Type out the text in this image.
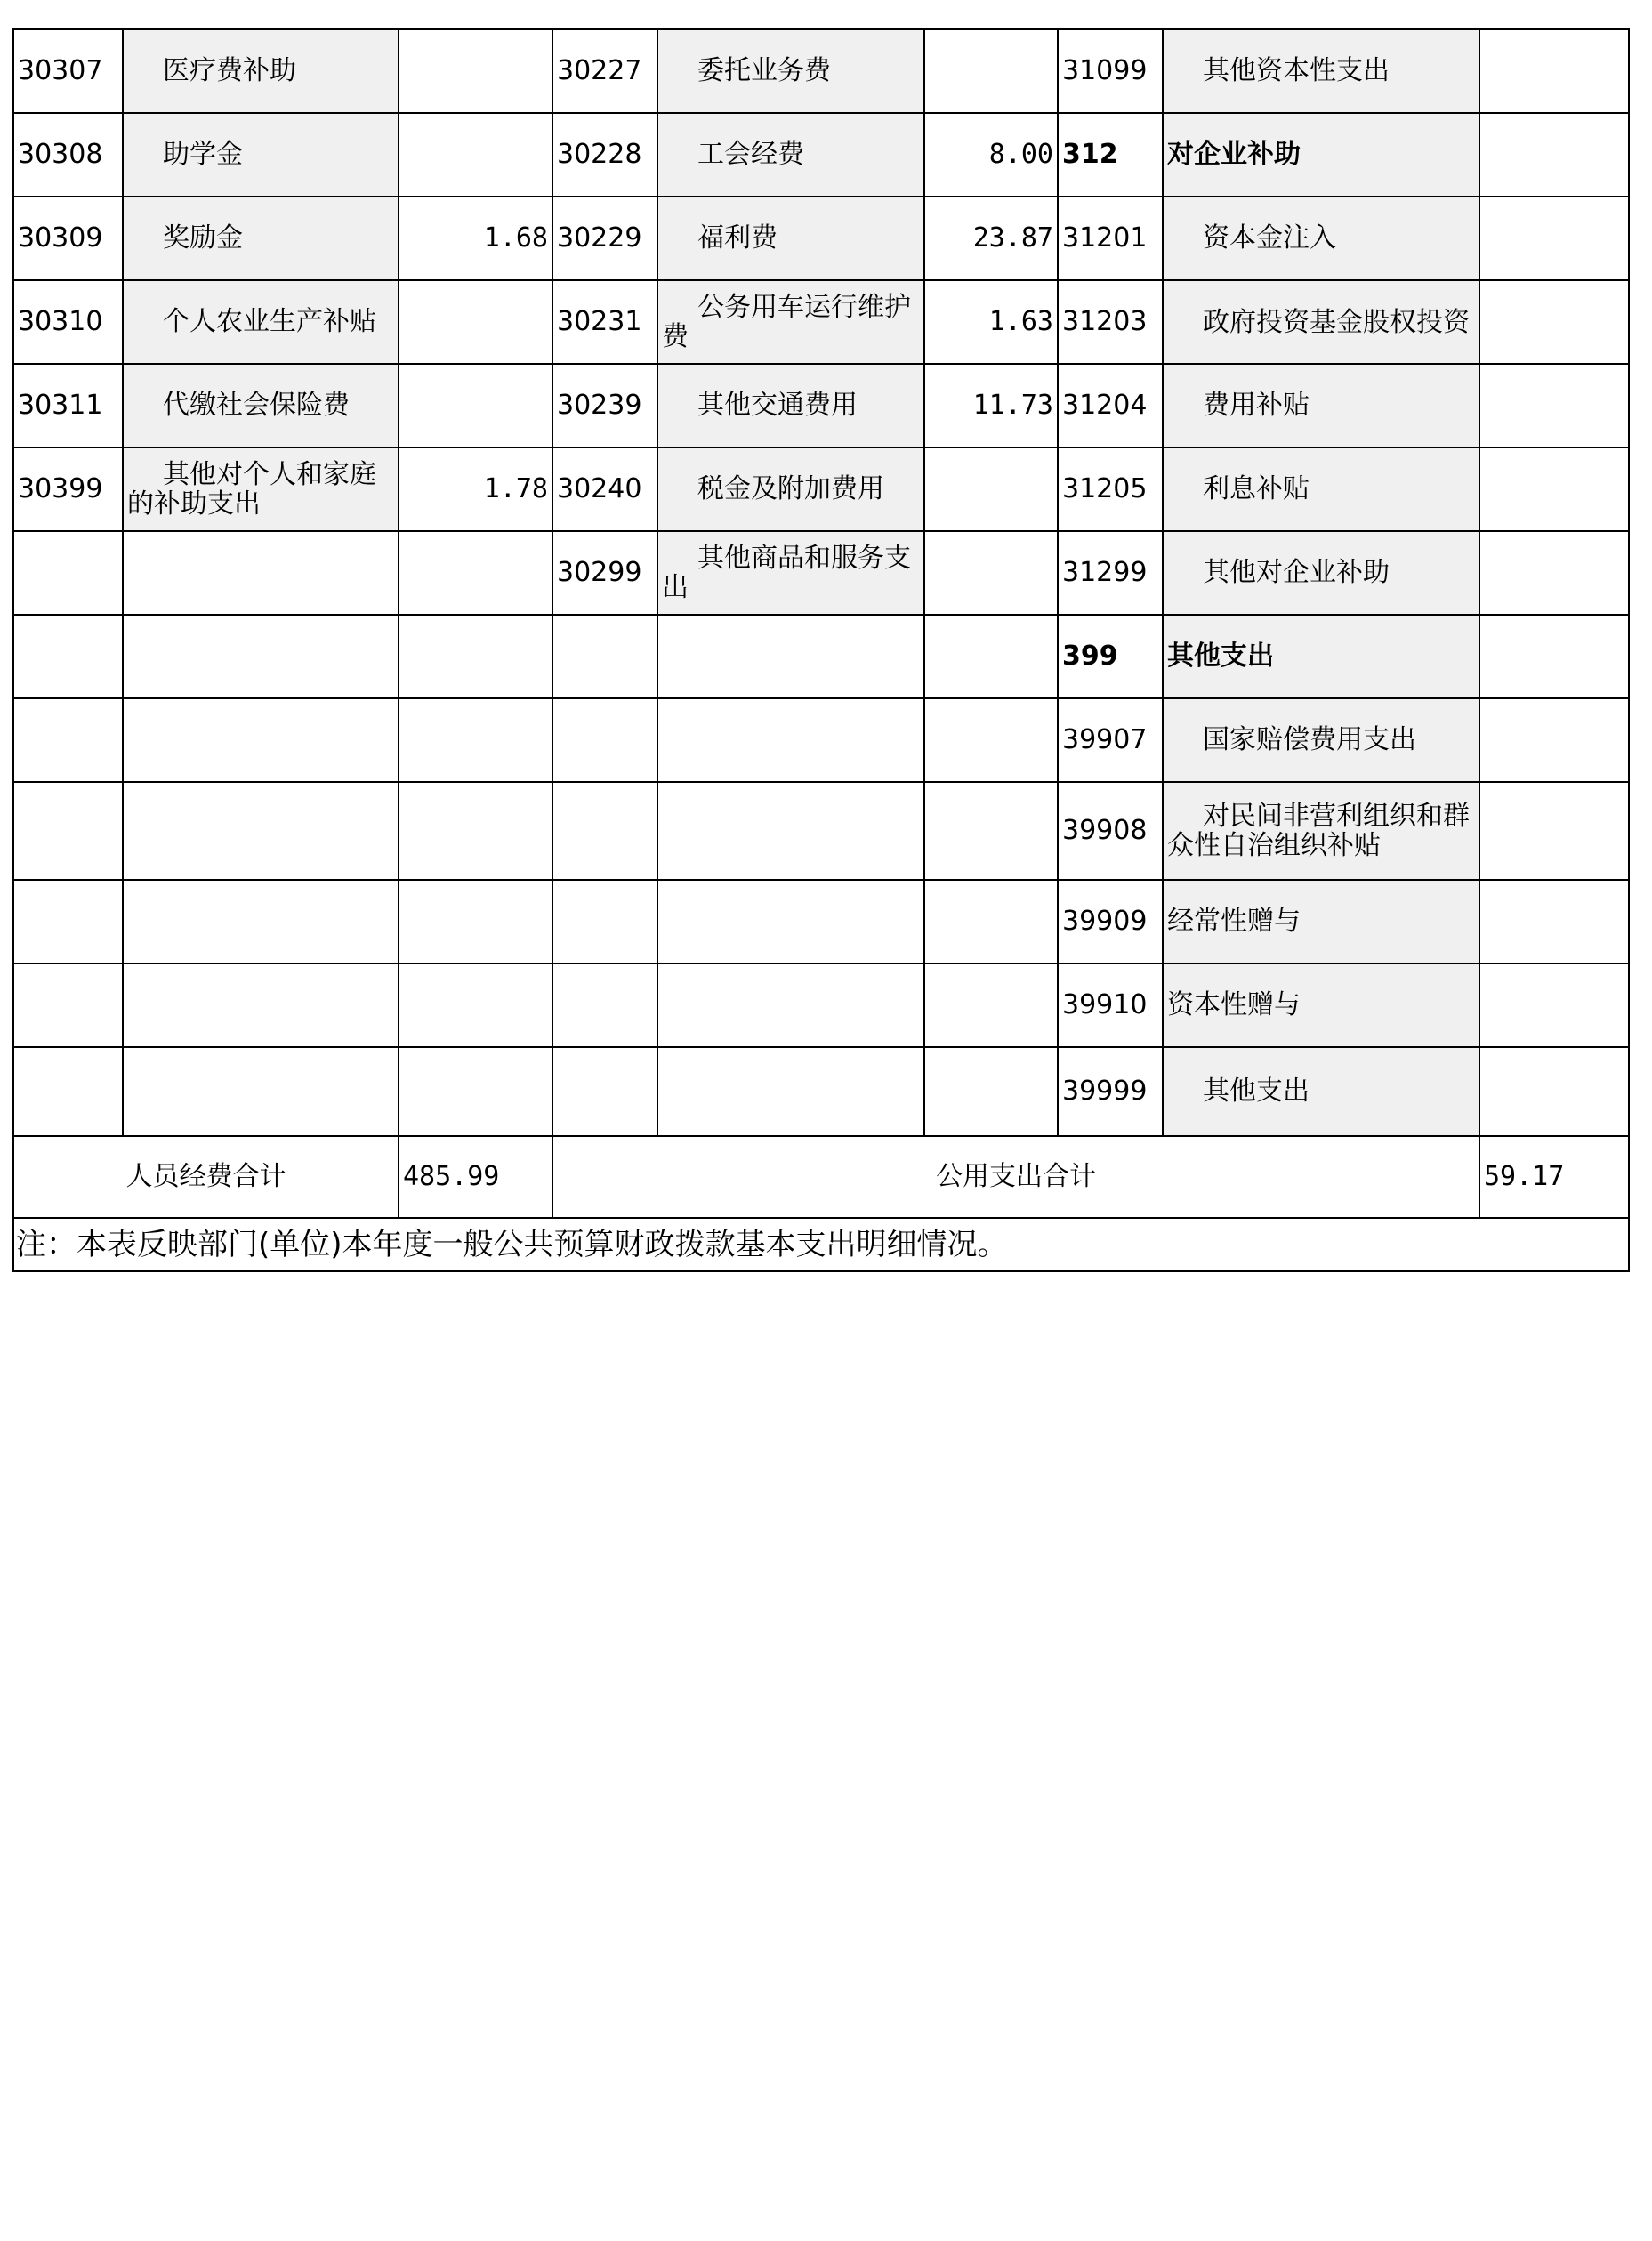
30307	医疗费补助		30227	委托业务费		31099	其他资本性支出	
30308	助学金		30228	工会经费	8.00	312	对企业补助	
30309	奖励金	1.68	30229	福利费	23.87	31201	资本金注入	
30310	个人农业生产补贴		30231	公务用车运行维护费	1.63	31203	政府投资基金股权投资	

30311	代缴社会保险费		30239	其他交通费用	11.73	31204	费用补贴	
30399	其他对个人和家庭的补助支出	1.78	30240	税金及附加费用		31205	利息补贴	
			30299	其他商品和服务支出		31299	其他对企业补助	
						399	其他支出	
						39907	国家赔偿费用支出	
						39908	对民间非营利组织和群众性自治组织补贴	

						39909	经常性赠与	
						39910	资本性赠与	
						39999	其他支出	
人员经费合计		485.99	公用支出合计					59.17
注：本表反映部门(单位)本年度一般公共预算财政拨款基本支出明细情况。								
